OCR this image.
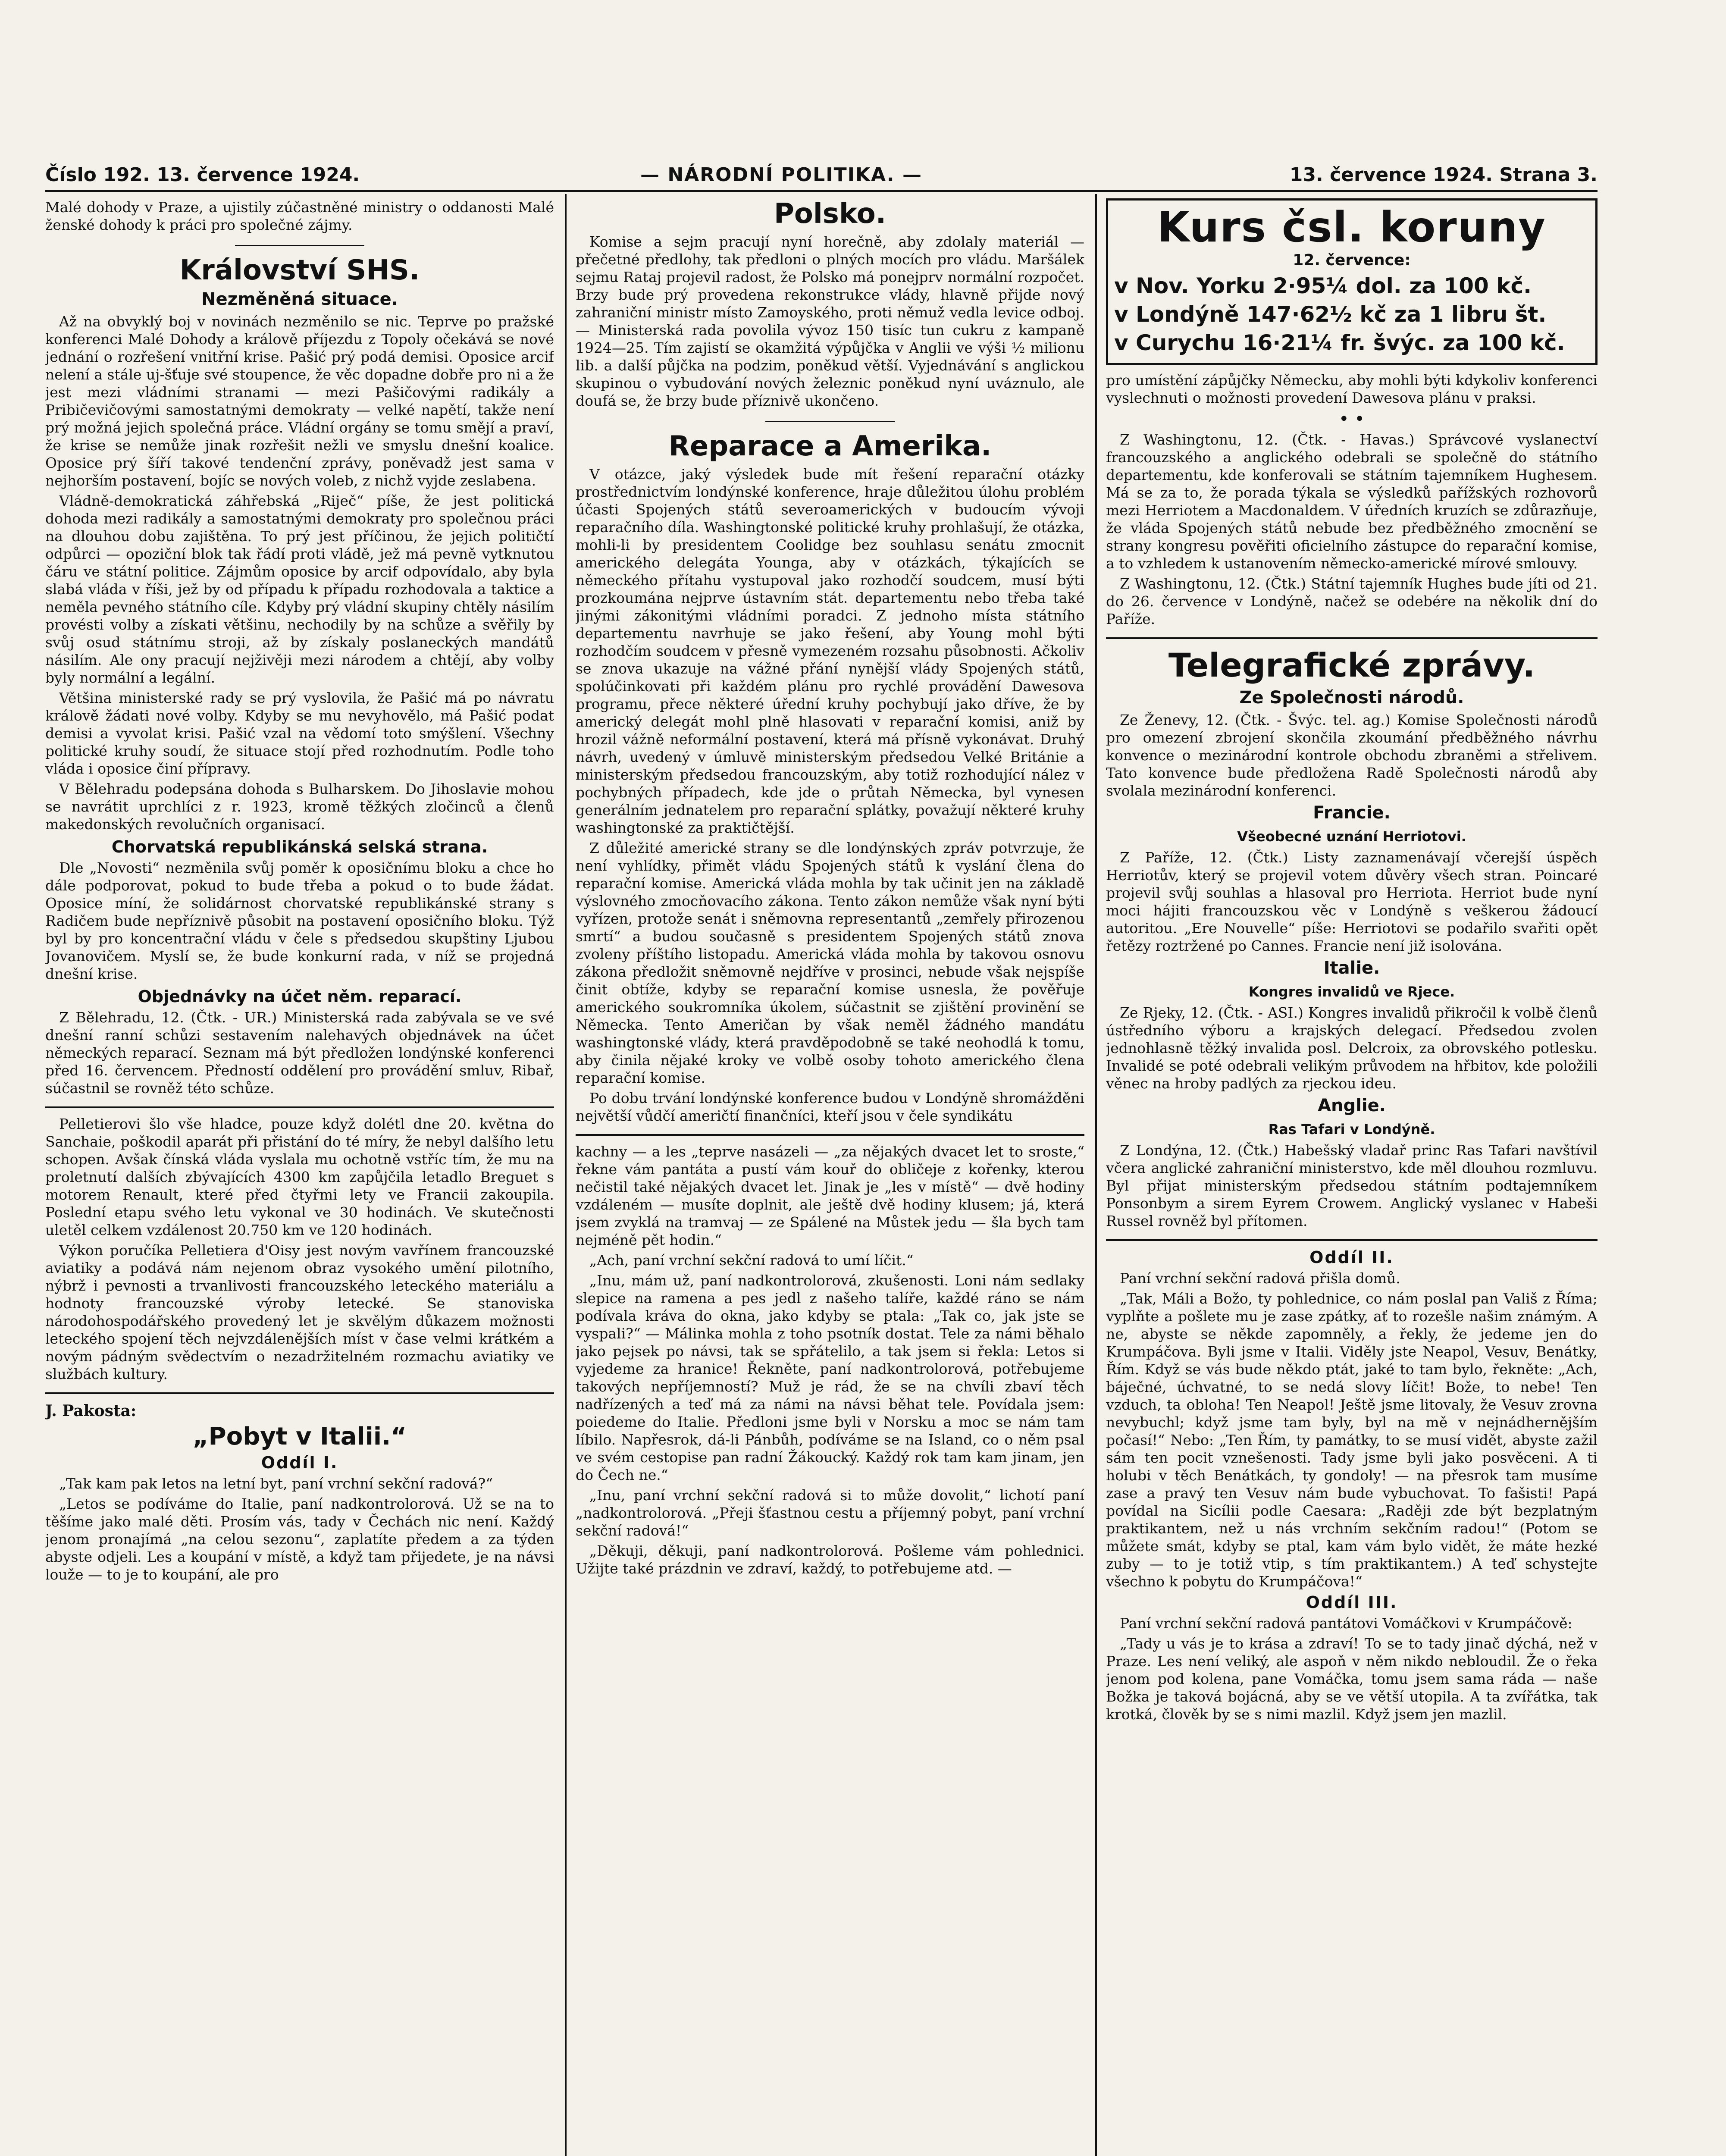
Číslo 192. 13. července 1924.	— NÁRODNÍ POLITIKA. —	13. července 1924. Strana 3.

Malé dohody v Praze, a ujistily zúčastněné ministry o oddanosti Malé ženské dohody k práci pro společné zájmy.

Království SHS.
Nezměněná situace.

Až na obvyklý boj v novinách nezměnilo se nic. Teprve po pražské konferenci Malé Dohody a králově příjezdu z Topoly očekává se nové jednání o rozřešení vnitřní krise. Pašić prý podá demisi. Oposice arcif nelení a stále uj-šťuje své stoupence, že věc dopadne dobře pro ni a že jest mezi vládními stranami — mezi Pašičovými radikály a Pribičevičovými samostatnými demokraty — velké napětí, takže není prý možná jejich společná práce. Vládní orgány se tomu smějí a praví, že krise se nemůže jinak rozřešit nežli ve smyslu dnešní koalice. Oposice prý šíří takové tendenční zprávy, poněvadž jest sama v nejhorším postavení, bojíc se nových voleb, z nichž vyjde zeslabena.

Vládně-demokratická záhřebská „Riječ“ píše, že jest politická dohoda mezi radikály a samostatnými demokraty pro společnou práci na dlouhou dobu zajištěna. To prý jest příčinou, že jejich političtí odpůrci — opoziční blok tak řádí proti vládě, jež má pevně vytknutou čáru ve státní politice. Zájmům oposice by arcif odpovídalo, aby byla slabá vláda v říši, jež by od případu k případu rozhodovala a taktice a neměla pevného státního cíle. Kdyby prý vládní skupiny chtěly násilím provésti volby a získati většinu, nechodily by na schůze a svěřily by svůj osud státnímu stroji, až by získaly poslaneckých mandátů násilím. Ale ony pracují nejživěji mezi národem a chtějí, aby volby byly normální a legální.

Většina ministerské rady se prý vyslovila, že Pašić má po návratu králově žádati nové volby. Kdyby se mu nevyhovělo, má Pašić podat demisi a vyvolat krisi. Pašić vzal na vědomí toto smýšlení. Všechny politické kruhy soudí, že situace stojí před rozhodnutím. Podle toho vláda i oposice činí přípravy.

V Bělehradu podepsána dohoda s Bulharskem. Do Jihoslavie mohou se navrátit uprchlíci z r. 1923, kromě těžkých zločinců a členů makedonských revolučních organisací.

Chorvatská republikánská selská strana.

Dle „Novosti“ nezměnila svůj poměr k oposičnímu bloku a chce ho dále podporovat, pokud to bude třeba a pokud o to bude žádat. Oposice míní, že solidárnost chorvatské republikánské strany s Radičem bude nepříznivě působit na postavení oposičního bloku. Týž byl by pro koncentrační vládu v čele s předsedou skupštiny Ljubou Jovanovičem. Myslí se, že bude konkurní rada, v níž se projedná dnešní krise.

Objednávky na účet něm. reparací.

Z Bělehradu, 12. (Čtk. - UR.) Ministerská rada zabývala se ve své dnešní ranní schůzi sestavením nalehavých objednávek na účet německých reparací. Seznam má být předložen londýnské konferenci před 16. červencem. Předností oddělení pro provádění smluv, Ribař, súčastnil se rovněž této schůze.

Pelletierovi šlo vše hladce, pouze když dolétl dne 20. května do Sanchaie, poškodil aparát při přistání do té míry, že nebyl dalšího letu schopen. Avšak čínská vláda vyslala mu ochotně vstříc tím, že mu na proletnutí dalších zbývajících 4300 km zapůjčila letadlo Breguet s motorem Renault, které před čtyřmi lety ve Francii zakoupila. Poslední etapu svého letu vykonal ve 30 hodinách. Ve skutečnosti uletěl celkem vzdálenost 20.750 km ve 120 hodinách.

Výkon poručíka Pelletiera d'Oisy jest novým vavřínem francouzské aviatiky a podává nám nejenom obraz vysokého umění pilotního, nýbrž i pevnosti a trvanlivosti francouzského leteckého materiálu a hodnoty francouzské výroby letecké. Se stanoviska národohospodářského provedený let je skvělým důkazem možnosti leteckého spojení těch nejvzdálenějších míst v čase velmi krátkém a novým pádným svědectvím o nezadržitelném rozmachu aviatiky ve službách kultury.

J. Pakosta:
„Pobyt v Italii.“
Oddíl I.

„Tak kam pak letos na letní byt, paní vrchní sekční radová?“

„Letos se podíváme do Italie, paní nadkontrolorová. Už se na to těšíme jako malé děti. Prosím vás, tady v Čechách nic není. Každý jenom pronajímá „na celou sezonu“, zaplatíte předem a za týden abyste odjeli. Les a koupání v místě, a když tam přijedete, je na návsi louže — to je to koupání, ale pro

Polsko.

Komise a sejm pracují nyní horečně, aby zdolaly materiál — přečetné předlohy, tak předloni o plných mocích pro vládu. Maršálek sejmu Rataj projevil radost, že Polsko má ponejprv normální rozpočet. Brzy bude prý provedena rekonstrukce vlády, hlavně přijde nový zahraniční ministr místo Zamoyského, proti němuž vedla levice odboj. — Ministerská rada povolila vývoz 150 tisíc tun cukru z kampaně 1924—25. Tím zajistí se okamžitá výpůjčka v Anglii ve výši ½ milionu lib. a další půjčka na podzim, poněkud větší. Vyjednávání s anglickou skupinou o vybudování nových železnic poněkud nyní uváznulo, ale doufá se, že brzy bude příznivě ukončeno.

Reparace a Amerika.

V otázce, jaký výsledek bude mít řešení reparační otázky prostřednictvím londýnské konference, hraje důležitou úlohu problém účasti Spojených států severoamerických v budoucím vývoji reparačního díla. Washingtonské politické kruhy prohlašují, že otázka, mohli-li by presidentem Coolidge bez souhlasu senátu zmocnit amerického delegáta Younga, aby v otázkách, týkajících se německého přítahu vystupoval jako rozhodčí soudcem, musí býti prozkoumána nejprve ústavním stát. departementu nebo třeba také jinými zákonitými vládními poradci. Z jednoho místa státního departementu navrhuje se jako řešení, aby Young mohl býti rozhodčím soudcem v přesně vymezeném rozsahu působnosti. Ačkoliv se znova ukazuje na vážné přání nynější vlády Spojených států, spolúčinkovati při každém plánu pro rychlé provádění Dawesova programu, přece některé úřední kruhy pochybují jako dříve, že by americký delegát mohl plně hlasovati v reparační komisi, aniž by hrozil vážně neformální postavení, která má přísně vykonávat. Druhý návrh, uvedený v úmluvě ministerským předsedou Velké Británie a ministerským předsedou francouzským, aby totiž rozhodující nález v pochybných případech, kde jde o průtah Německa, byl vynesen generálním jednatelem pro reparační splátky, považují některé kruhy washingtonské za praktičtější.

Z důležité americké strany se dle londýnských zpráv potvrzuje, že není vyhlídky, přimět vládu Spojených států k vyslání člena do reparační komise. Americká vláda mohla by tak učinit jen na základě výslovného zmocňovacího zákona. Tento zákon nemůže však nyní býti vyřízen, protože senát i sněmovna representantů „zemřely přirozenou smrtí“ a budou současně s presidentem Spojených států znova zvoleny příštího listopadu. Americká vláda mohla by takovou osnovu zákona předložit sněmovně nejdříve v prosinci, nebude však nejspíše činit obtíže, kdyby se reparační komise usnesla, že pověřuje amerického soukromníka úkolem, súčastnit se zjištění provinění se Německa. Tento Američan by však neměl žádného mandátu washingtonské vlády, která pravděpodobně se také neohodlá k tomu, aby činila nějaké kroky ve volbě osoby tohoto amerického člena reparační komise.

Po dobu trvání londýnské konference budou v Londýně shromážděni největší vůdčí američtí finančníci, kteří jsou v čele syndikátu

kachny — a les „teprve nasázeli — „za nějakých dvacet let to sroste,“ řekne vám pantáta a pustí vám kouř do obličeje z kořenky, kterou nečistil také nějakých dvacet let. Jinak je „les v místě“ — dvě hodiny vzdáleném — musíte doplnit, ale ještě dvě hodiny klusem; já, která jsem zvyklá na tramvaj — ze Spálené na Můstek jedu — šla bych tam nejméně pět hodin.“

„Ach, paní vrchní sekční radová to umí líčit.“

„Inu, mám už, paní nadkontrolorová, zkušenosti. Loni nám sedlaky slepice na ramena a pes jedl z našeho talíře, každé ráno se nám podívala kráva do okna, jako kdyby se ptala: „Tak co, jak jste se vyspali?“ — Málinka mohla z toho psotník dostat. Tele za námi běhalo jako pejsek po návsi, tak se spřátelilo, a tak jsem si řekla: Letos si vyjedeme za hranice! Řekněte, paní nadkontrolorová, potřebujeme takových nepříjemností? Muž je rád, že se na chvíli zbaví těch nadřízených a teď má za námi na návsi běhat tele. Povídala jsem: poiedeme do Italie. Předloni jsme byli v Norsku a moc se nám tam líbilo. Napřesrok, dá-li Pánbůh, podíváme se na Island, co o něm psal ve svém cestopise pan radní Žákoucký. Každý rok tam kam jinam, jen do Čech ne.“

„Inu, paní vrchní sekční radová si to může dovolit,“ lichotí paní „nadkontrolorová. „Přeji šťastnou cestu a příjemný pobyt, paní vrchní sekční radová!“

„Děkuji, děkuji, paní nadkontrolorová. Pošleme vám pohlednici. Užijte také prázdnin ve zdraví, každý, to potřebujeme atd. —

Kurs čsl. koruny
12. července:
v Nov. Yorku 2·95¼ dol. za 100 kč.
v Londýně 147·62½ kč za 1 libru št.
v Curychu 16·21¼ fr. švýc. za 100 kč.

pro umístění zápůjčky Německu, aby mohli býti kdykoliv konferenci vyslechnuti o možnosti provedení Dawesova plánu v praksi.

• •

Z Washingtonu, 12. (Čtk. - Havas.) Správcové vyslanectví francouzského a anglického odebrali se společně do státního departementu, kde konferovali se státním tajemníkem Hughesem. Má se za to, že porada týkala se výsledků pařížských rozhovorů mezi Herriotem a Macdonaldem. V úředních kruzích se zdůrazňuje, že vláda Spojených států nebude bez předběžného zmocnění se strany kongresu pověřiti oficielního zástupce do reparační komise, a to vzhledem k ustanovením německo-americké mírové smlouvy.

Z Washingtonu, 12. (Čtk.) Státní tajemník Hughes bude jíti od 21. do 26. července v Londýně, načež se odebére na několik dní do Paříže.

Telegrafické zprávy.
Ze Společnosti národů.

Ze Ženevy, 12. (Čtk. - Švýc. tel. ag.) Komise Společnosti národů pro omezení zbrojení skončila zkoumání předběžného návrhu konvence o mezinárodní kontrole obchodu zbraněmi a střelivem. Tato konvence bude předložena Radě Společnosti národů aby svolala mezinárodní konferenci.

Francie.
Všeobecné uznání Herriotovi.

Z Paříže, 12. (Čtk.) Listy zaznamenávají včerejší úspěch Herriotův, který se projevil votem důvěry všech stran. Poincaré projevil svůj souhlas a hlasoval pro Herriota. Herriot bude nyní moci hájiti francouzskou věc v Londýně s veškerou žádoucí autoritou. „Ere Nouvelle“ píše: Herriotovi se podařilo svařiti opět řetězy roztržené po Cannes. Francie není již isolována.

Italie.
Kongres invalidů ve Rjece.

Ze Rjeky, 12. (Čtk. - ASI.) Kongres invalidů přikročil k volbě členů ústředního výboru a krajských delegací. Předsedou zvolen jednohlasně těžký invalida posl. Delcroix, za obrovského potlesku. Invalidé se poté odebrali velikým průvodem na hřbitov, kde položili věnec na hroby padlých za rjeckou ideu.

Anglie.
Ras Tafari v Londýně.

Z Londýna, 12. (Čtk.) Habešský vladař princ Ras Tafari navštívil včera anglické zahraniční ministerstvo, kde měl dlouhou rozmluvu. Byl přijat ministerským předsedou státním podtajemníkem Ponsonbym a sirem Eyrem Crowem. Anglický vyslanec v Habeši Russel rovněž byl přítomen.

Oddíl II.

Paní vrchní sekční radová přišla domů.

„Tak, Máli a Božo, ty pohlednice, co nám poslal pan Vališ z Říma; vyplňte a pošlete mu je zase zpátky, ať to rozešle našim známým. A ne, abyste se někde zapomněly, a řekly, že jedeme jen do Krumpáčova. Byli jsme v Italii. Viděly jste Neapol, Vesuv, Benátky, Řím. Když se vás bude někdo ptát, jaké to tam bylo, řekněte: „Ach, báječné, úchvatné, to se nedá slovy líčit! Bože, to nebe! Ten vzduch, ta obloha! Ten Neapol! Ještě jsme litovaly, že Vesuv zrovna nevybuchl; když jsme tam byly, byl na mě v nejnádhernějším počasí!“ Nebo: „Ten Řím, ty památky, to se musí vidět, abyste zažil sám ten pocit vznešenosti. Tady jsme byli jako posvěceni. A ti holubi v těch Benátkách, ty gondoly! — na přesrok tam musíme zase a pravý ten Vesuv nám bude vybuchovat. To fašisti! Papá povídal na Sicílii podle Caesara: „Raději zde být bezplatným praktikantem, než u nás vrchním sekčním radou!“ (Potom se můžete smát, kdyby se ptal, kam vám bylo vidět, že máte hezké zuby — to je totiž vtip, s tím praktikantem.) A teď schystejte všechno k pobytu do Krumpáčova!“

Oddíl III.

Paní vrchní sekční radová pantátovi Vomáčkovi v Krumpáčově:

„Tady u vás je to krása a zdraví! To se to tady jinač dýchá, než v Praze. Les není veliký, ale aspoň v něm nikdo nebloudil. Že o řeka jenom pod kolena, pane Vomáčka, tomu jsem sama ráda — naše Božka je taková bojácná, aby se ve větší utopila. A ta zvířátka, tak krotká, člověk by se s nimi mazlil. Když jsem jen mazlil.
